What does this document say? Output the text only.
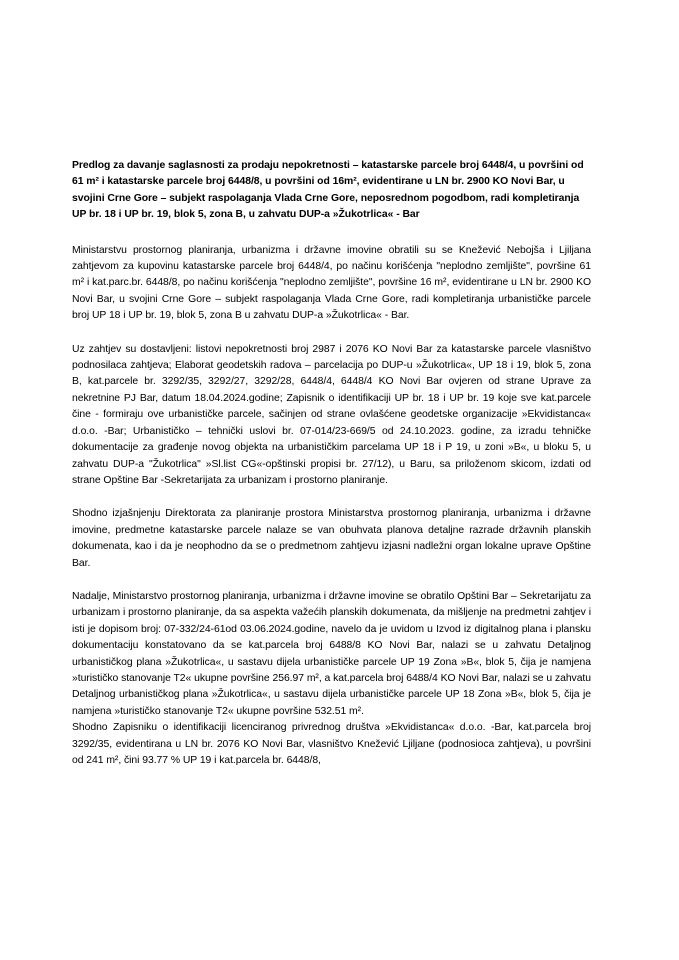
Predlog za davanje saglasnosti za prodaju nepokretnosti – katastarske parcele broj 6448/4, u površini od 61 m² i katastarske parcele broj 6448/8, u površini od 16m², evidentirane u LN br. 2900 KO Novi Bar, u svojini Crne Gore – subjekt raspolaganja Vlada Crne Gore, neposrednom pogodbom, radi kompletiranja UP br. 18 i UP br. 19, blok 5, zona B, u zahvatu DUP-a »Žukotrlica« - Bar

Ministarstvu prostornog planiranja, urbanizma i državne imovine obratili su se Knežević Neboјša i Ljiljana zahtjevom za kupovinu katastarske parcele broj 6448/4, po načinu korišćenja "neplodno zemljište", površine 61 m² i kat.parc.br. 6448/8, po načinu korišćenja "neplodno zemljište", površine 16 m², evidentirane u LN br. 2900 KO Novi Bar, u svojini Crne Gore – subjekt raspolaganja Vlada Crne Gore, radi kompletiranja urbanističke parcele broj UP 18 i UP br. 19, blok 5, zona B u zahvatu DUP-a »Žukotrlica« - Bar.

Uz zahtjev su dostavljeni: listovi nepokretnosti broj 2987 i 2076 KO Novi Bar za katastarske parcele vlasništvo podnosilaca zahtjeva; Elaborat geodetskih radova – parcelacija po DUP-u »Žukotrlica«, UP 18 i 19, blok 5, zona B, kat.parcele br. 3292/35, 3292/27, 3292/28, 6448/4, 6448/4 KO Novi Bar ovjeren od strane Uprave za nekretnine PJ Bar, datum 18.04.2024.godine; Zapisnik o identifikaciji UP br. 18 i UP br. 19 koje sve kat.parcele čine - formiraju ove urbanističke parcele, sačinjen od strane ovlašćene geodetske organizacije »Ekvidistanca« d.o.o. -Bar; Urbanističko – tehnički uslovi br. 07-014/23-669/5 od 24.10.2023. godine, za izradu tehničke dokumentacije za građenje novog objekta na urbanističkim parcelama UP 18 i P 19, u zoni »B«, u bloku 5, u zahvatu DUP-a "Žukotrlica" »Sl.list CG«-opštinski propisi br. 27/12), u Baru, sa priloženom skicom, izdati od strane Opštine Bar -Sekretarijata za urbanizam i prostorno planiranje.

Shodno izjašnjenju Direktorata za planiranje prostora Ministarstva prostornog planiranja, urbanizma i državne imovine, predmetne katastarske parcele nalaze se van obuhvata planova detaljne razrade državnih planskih dokumenata, kao i da je neophodno da se o predmetnom zahtjevu izjasni nadležni organ lokalne uprave Opštine Bar.

Nadalje, Ministarstvo prostornog planiranja, urbanizma i državne imovine se obratilo Opštini Bar – Sekretarijatu za urbanizam i prostorno planiranje, da sa aspekta važećih planskih dokumenata, da mišljenje na predmetni zahtjev i isti je dopisom broj: 07-332/24-61od 03.06.2024.godine, navelo da je uvidom u Izvod iz digitalnog plana i plansku dokumentaciju konstatovano da se kat.parcela broj 6488/8 KO Novi Bar, nalazi se u zahvatu Detaljnog urbanističkog plana »Žukotrlica«, u sastavu dijela urbanističke parcele UP 19 Zona »B«, blok 5, čija je namjena »turističko stanovanje T2« ukupne površine 256.97 m², a kat.parcela broj 6488/4 KO Novi Bar, nalazi se u zahvatu Detaljnog urbanističkog plana »Žukotrlica«, u sastavu dijela urbanističke parcele UP 18 Zona »B«, blok 5, čija je namjena »turističko stanovanje T2« ukupne površine 532.51 m².

Shodno Zapisniku o identifikaciji licenciranog privrednog društva »Ekvidistanca« d.o.o. -Bar, kat.parcela broj 3292/35, evidentirana u LN br. 2076 KO Novi Bar, vlasništvo Knežević Ljiljane (podnosioca zahtjeva), u površini od 241 m², čini 93.77 % UP 19 i kat.parcela br. 6448/8,
